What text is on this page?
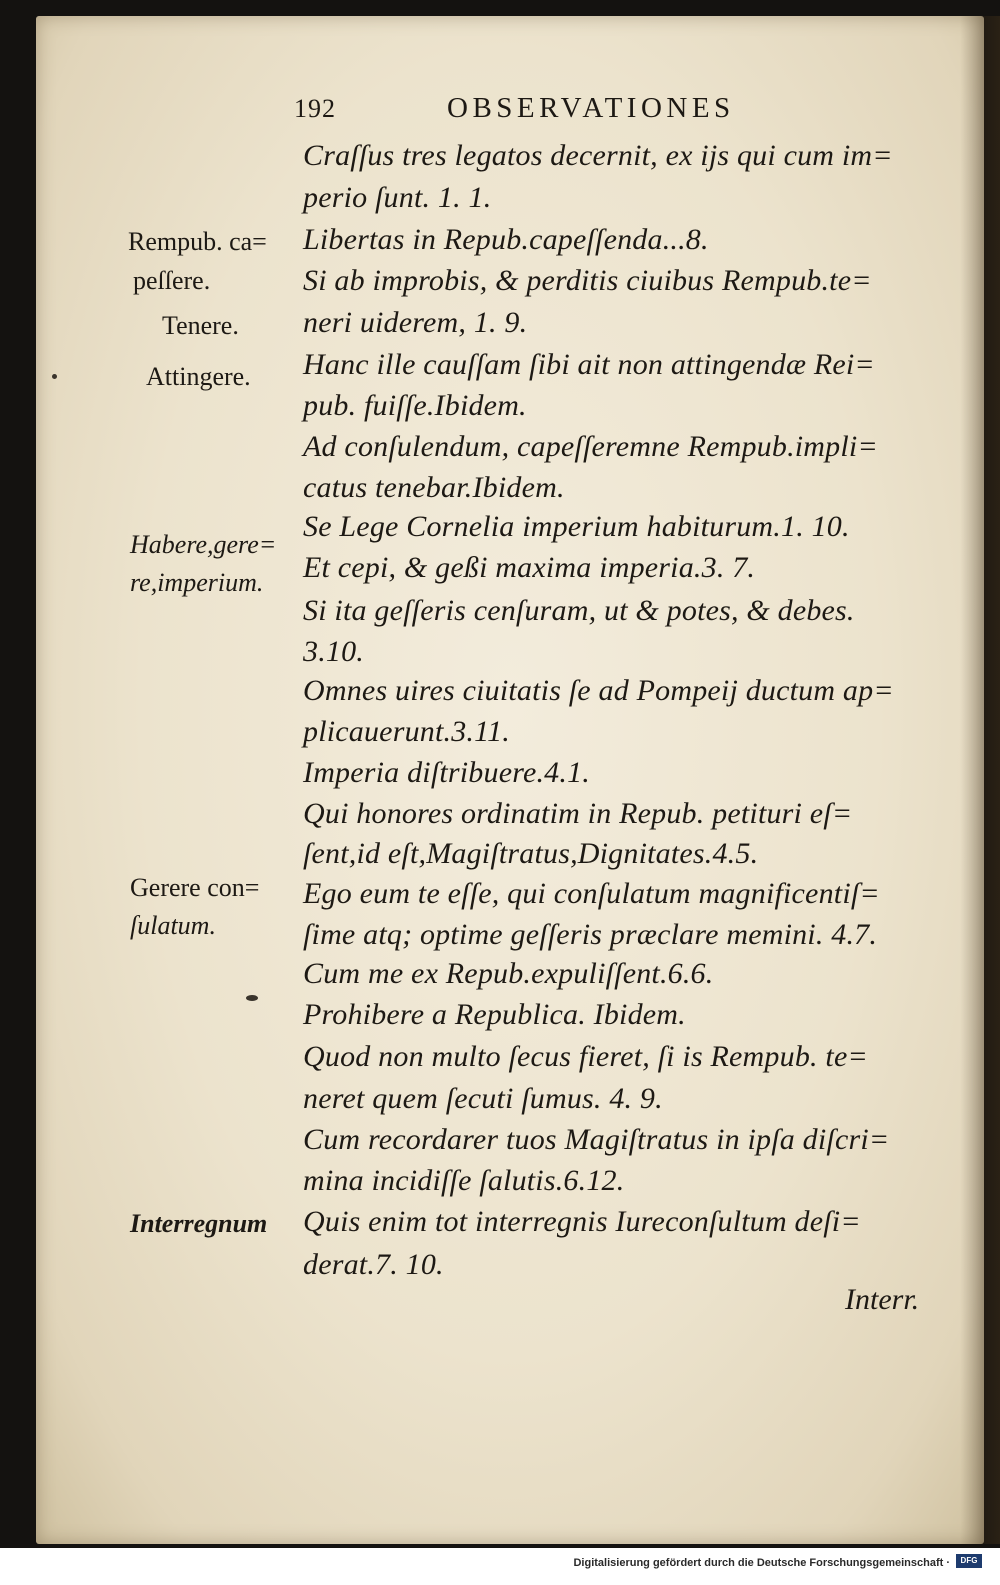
192	OBSERVATIONES
Craſſus tres legatos decernit, ex ijs qui cum im=
perio ſunt. 1. 1.
Libertas in Repub.capeſſenda...8.
Si ab improbis, & perditis ciuibus Rempub.te=
neri uiderem, 1. 9.
Hanc ille cauſſam ſibi ait non attingendæ Rei=
pub. fuiſſe.Ibidem.
Ad conſulendum, capeſſeremne Rempub.impli=
catus tenebar.Ibidem.
Se Lege Cornelia imperium habiturum.1. 10.
Et cepi, & geßi maxima imperia.3. 7.
Si ita geſſeris cenſuram, ut & potes, & debes.
3.10.
Omnes uires ciuitatis ſe ad Pompeij ductum ap=
plicauerunt.3.11.
Imperia diſtribuere.4.1.
Qui honores ordinatim in Repub. petituri eſ=
ſent,id eſt,Magiſtratus,Dignitates.4.5.
Ego eum te eſſe, qui conſulatum magnificentiſ=
ſime atq; optime geſſeris præclare memini. 4.7.
Cum me ex Repub.expuliſſent.6.6.
Prohibere a Republica. Ibidem.
Quod non multo ſecus fieret, ſi is Rempub. te=
neret quem ſecuti ſumus. 4. 9.
Cum recordarer tuos Magiſtratus in ipſa diſcri=
mina incidiſſe ſalutis.6.12.
Quis enim tot interregnis Iureconſultum deſi=
derat.7. 10.
Rempub. ca=
peſſere.
Tenere.
Attingere.
Habere,gere=
re,imperium.
Gerere con=
ſulatum.
Interregnum
Interr.
Digitalisierung gefördert durch die Deutsche Forschungsgemeinschaft ·	DFG
